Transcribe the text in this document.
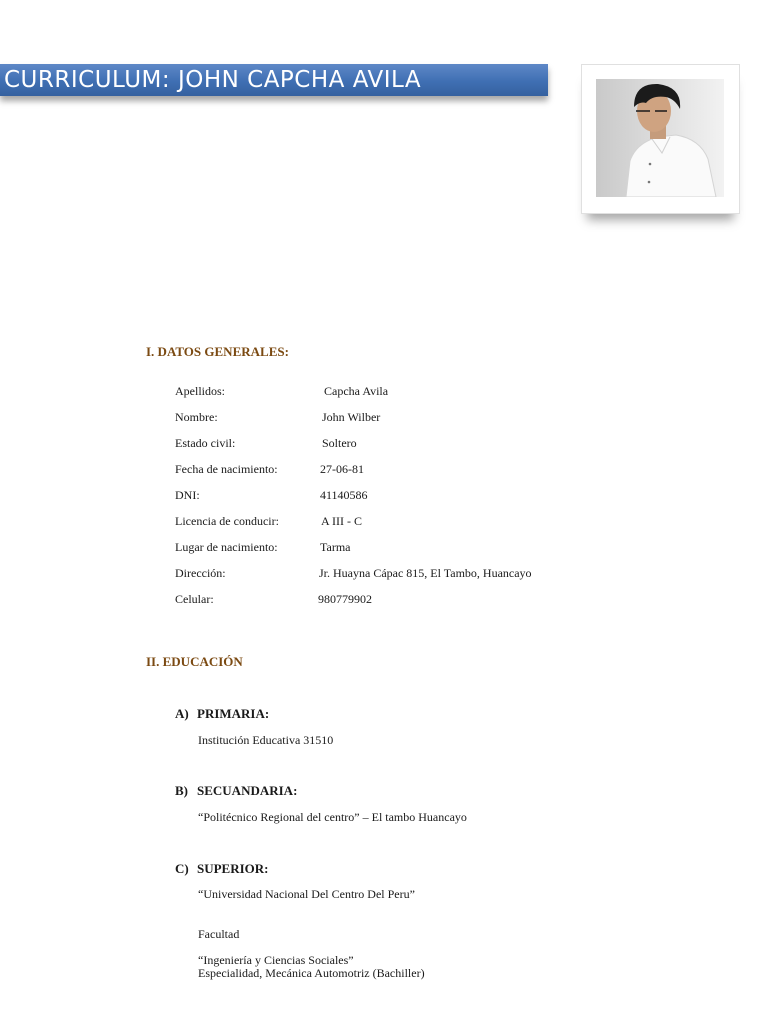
CURRICULUM: JOHN CAPCHA AVILA
I. DATOS GENERALES:
Apellidos:	Capcha Avila
Nombre:	John Wilber
Estado civil:	Soltero
Fecha de nacimiento:	27-06-81
DNI:	41140586
Licencia de conducir:	A III - C
Lugar de nacimiento:	Tarma
Dirección:	Jr. Huayna Cápac 815, El Tambo, Huancayo
Celular:	980779902
II. EDUCACIÓN
A) PRIMARIA:
Institución Educativa 31510
B) SECUANDARIA:
“Politécnico Regional del centro” – El tambo Huancayo
C) SUPERIOR:
“Universidad Nacional Del Centro Del Peru”
Facultad
“Ingeniería y Ciencias Sociales”
Especialidad, Mecánica Automotriz (Bachiller)
